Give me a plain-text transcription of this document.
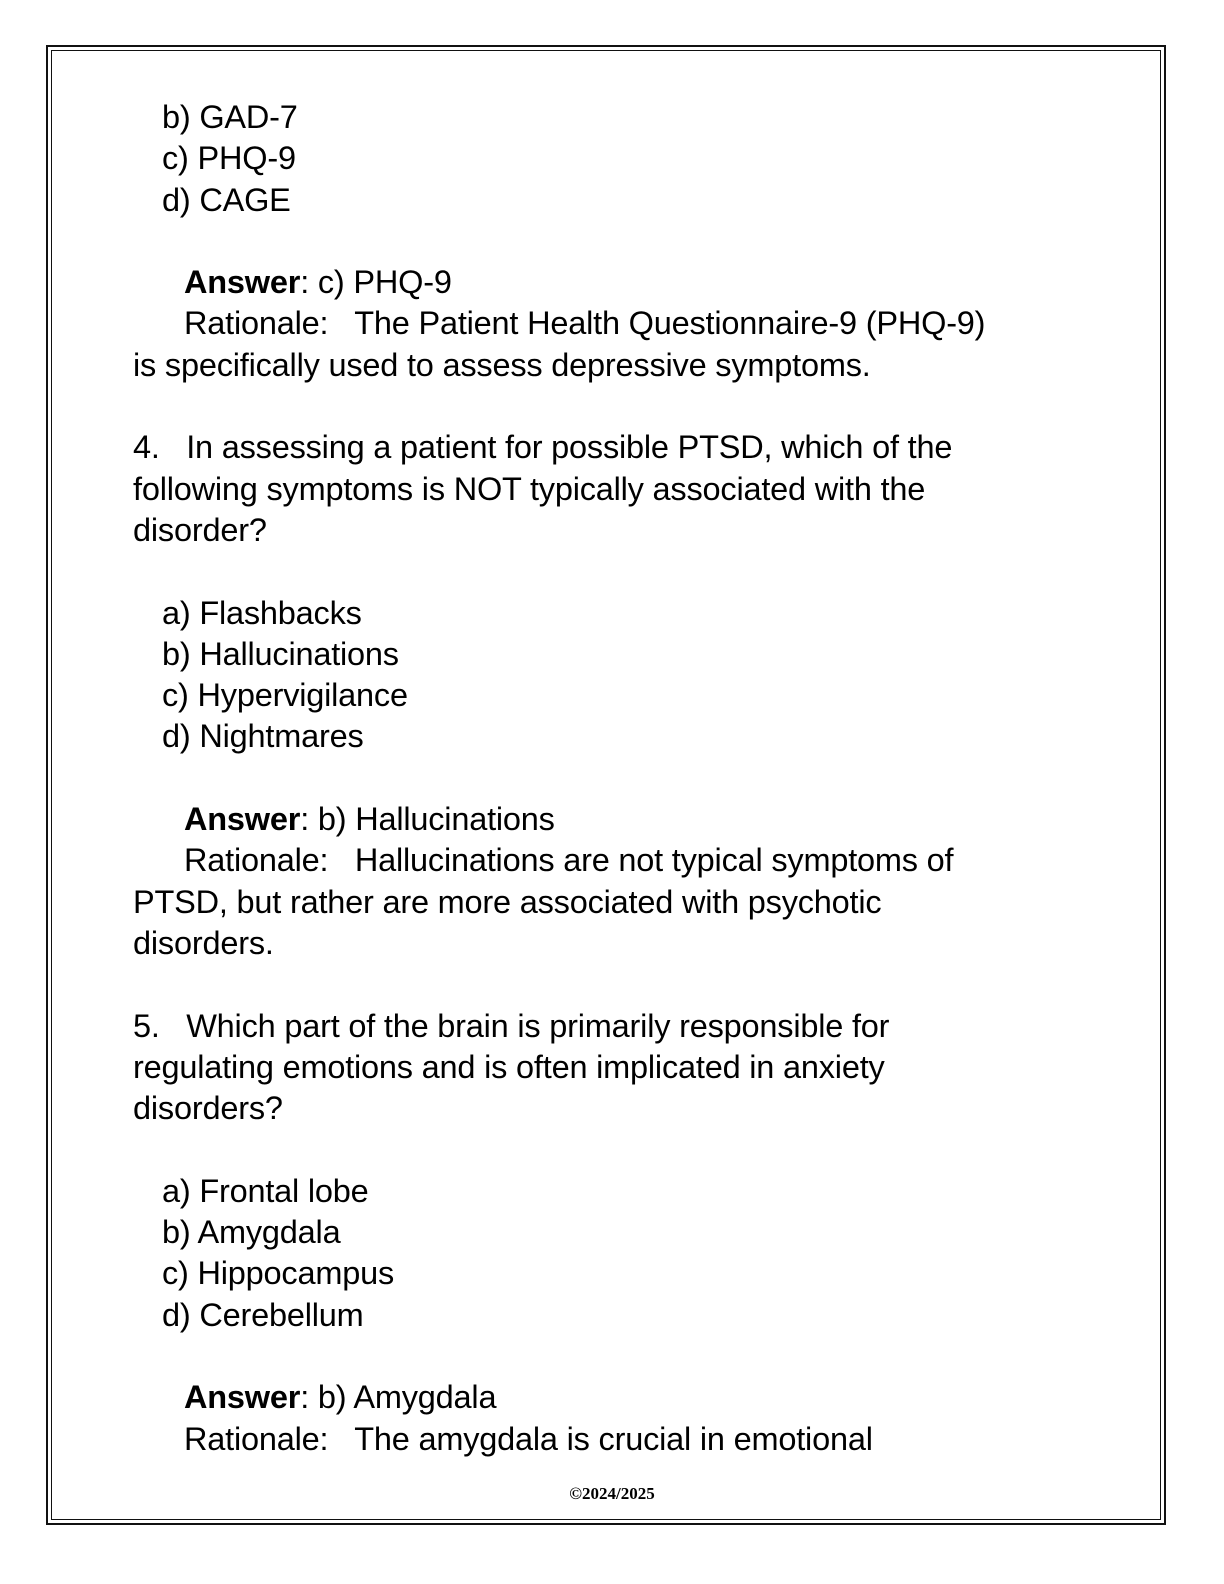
b) GAD-7
c) PHQ-9
d) CAGE
Answer: c) PHQ-9
Rationale:   The Patient Health Questionnaire-9 (PHQ-9)
is specifically used to assess depressive symptoms.
4.   In assessing a patient for possible PTSD, which of the
following symptoms is NOT typically associated with the
disorder?
a) Flashbacks
b) Hallucinations
c) Hypervigilance
d) Nightmares
Answer: b) Hallucinations
Rationale:   Hallucinations are not typical symptoms of
PTSD, but rather are more associated with psychotic
disorders.
5.   Which part of the brain is primarily responsible for
regulating emotions and is often implicated in anxiety
disorders?
a) Frontal lobe
b) Amygdala
c) Hippocampus
d) Cerebellum
Answer: b) Amygdala
Rationale:   The amygdala is crucial in emotional
©2024/2025
